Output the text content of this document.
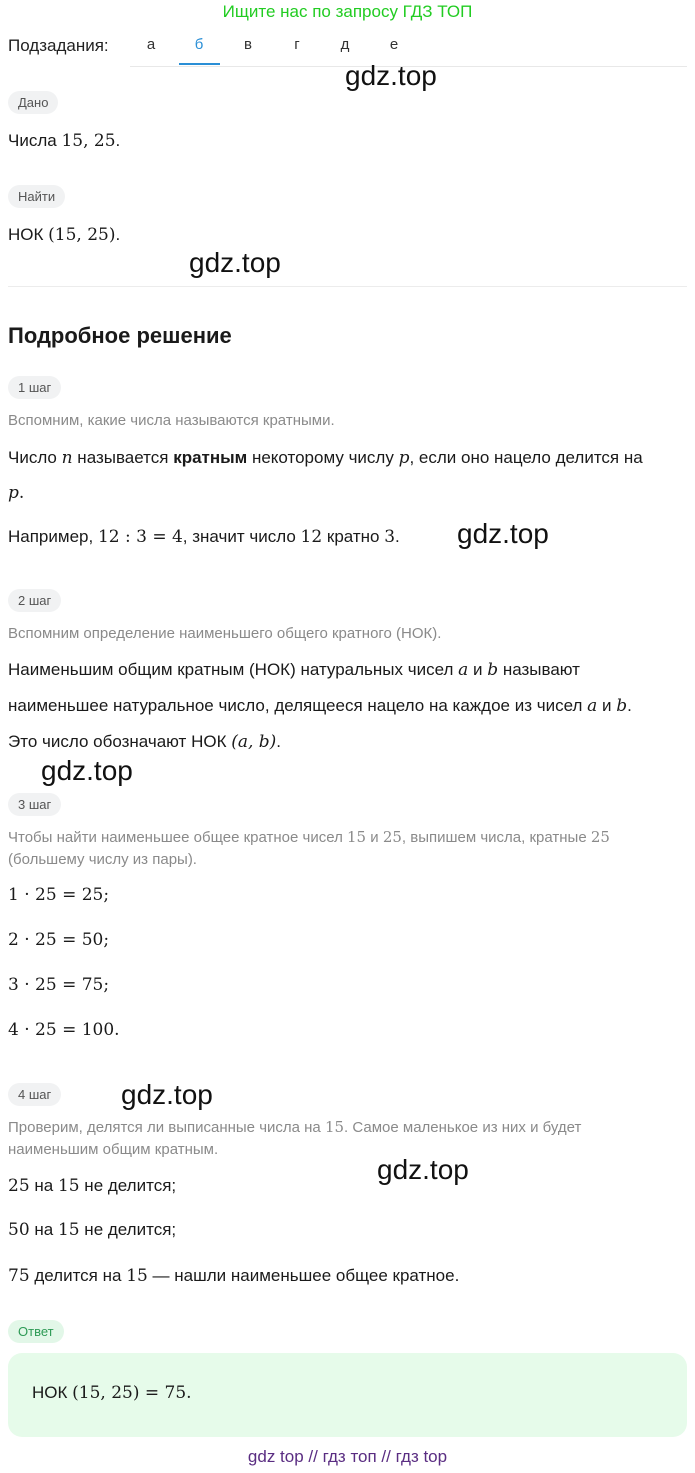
Ищите нас по запросу ГДЗ ТОП
Подзадания:	а	б	в	г	д	е
gdz.top
gdz.top
gdz.top
gdz.top
gdz.top
gdz.top
Дано
Числа 15, 25.
Найти
НОК (15, 25).
Подробное решение
1 шаг
Вспомним, какие числа называются кратными.
Число n называется кратным некоторому числу p, если оно нацело делится на
p.
Например, 12 : 3 = 4, значит число 12 кратно 3.
2 шаг
Вспомним определение наименьшего общего кратного (НОК).
Наименьшим общим кратным (НОК) натуральных чисел a и b называют
наименьшее натуральное число, делящееся нацело на каждое из чисел a и b.
Это число обозначают НОК (a, b).
3 шаг
Чтобы найти наименьшее общее кратное чисел 15 и 25, выпишем числа, кратные 25
(большему числу из пары).
1 · 25 = 25;
2 · 25 = 50;
3 · 25 = 75;
4 · 25 = 100.
4 шаг
Проверим, делятся ли выписанные числа на 15. Самое маленькое из них и будет
наименьшим общим кратным.
25 на 15 не делится;
50 на 15 не делится;
75 делится на 15 — нашли наименьшее общее кратное.
Ответ
НОК (15, 25) = 75.
gdz top // гдз топ // гдз top
